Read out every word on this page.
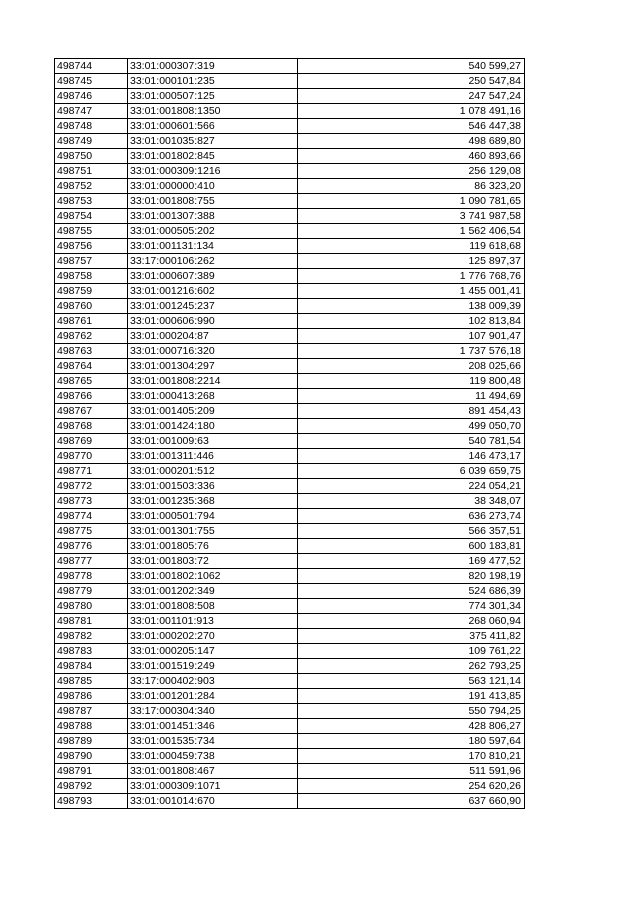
498744	33:01:000307:319	540 599,27
498745	33:01:000101:235	250 547,84
498746	33:01:000507:125	247 547,24
498747	33:01:001808:1350	1 078 491,16
498748	33:01:000601:566	546 447,38
498749	33:01:001035:827	498 689,80
498750	33:01:001802:845	460 893,66
498751	33:01:000309:1216	256 129,08
498752	33:01:000000:410	86 323,20
498753	33:01:001808:755	1 090 781,65
498754	33:01:001307:388	3 741 987,58
498755	33:01:000505:202	1 562 406,54
498756	33:01:001131:134	119 618,68
498757	33:17:000106:262	125 897,37
498758	33:01:000607:389	1 776 768,76
498759	33:01:001216:602	1 455 001,41
498760	33:01:001245:237	138 009,39
498761	33:01:000606:990	102 813,84
498762	33:01:000204:87	107 901,47
498763	33:01:000716:320	1 737 576,18
498764	33:01:001304:297	208 025,66
498765	33:01:001808:2214	119 800,48
498766	33:01:000413:268	11 494,69
498767	33:01:001405:209	891 454,43
498768	33:01:001424:180	499 050,70
498769	33:01:001009:63	540 781,54
498770	33:01:001311:446	146 473,17
498771	33:01:000201:512	6 039 659,75
498772	33:01:001503:336	224 054,21
498773	33:01:001235:368	38 348,07
498774	33:01:000501:794	636 273,74
498775	33:01:001301:755	566 357,51
498776	33:01:001805:76	600 183,81
498777	33:01:001803:72	169 477,52
498778	33:01:001802:1062	820 198,19
498779	33:01:001202:349	524 686,39
498780	33:01:001808:508	774 301,34
498781	33:01:001101:913	268 060,94
498782	33:01:000202:270	375 411,82
498783	33:01:000205:147	109 761,22
498784	33:01:001519:249	262 793,25
498785	33:17:000402:903	563 121,14
498786	33:01:001201:284	191 413,85
498787	33:17:000304:340	550 794,25
498788	33:01:001451:346	428 806,27
498789	33:01:001535:734	180 597,64
498790	33:01:000459:738	170 810,21
498791	33:01:001808:467	511 591,96
498792	33:01:000309:1071	254 620,26
498793	33:01:001014:670	637 660,90
